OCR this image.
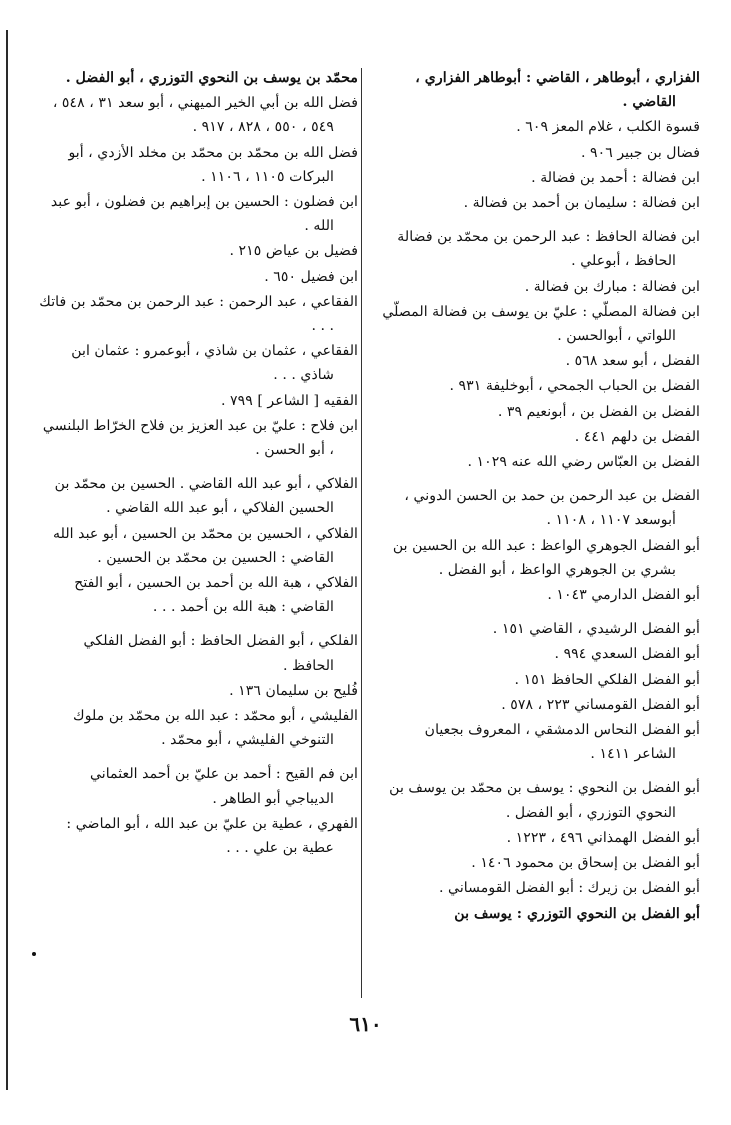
الفزاري ، أبوطاهر ، القاضي : أبوطاهر الفزاري ، القاضي .

قسوة الكلب ، غلام المعز ٦٠٩ .

فضال بن جبير ٩٠٦ .

ابن فضالة : أحمد بن فضالة .

ابن فضالة : سليمان بن أحمد بن فضالة .

ابن فضالة الحافظ : عبد الرحمن بن محمّد بن فضالة الحافظ ، أبوعلي .

ابن فضالة : مبارك بن فضالة .

ابن فضالة المصلّي : عليّ بن يوسف بن فضالة المصلّي اللواتي ، أبوالحسن .

الفضل ، أبو سعد ٥٦٨ .

الفضل بن الحباب الجمحي ، أبوخليفة ٩٣١ .

الفضل بن الفضل بن ، أبونعيم ٣٩ .

الفضل بن دلهم ٤٤١ .

الفضل بن العبّاس رضي الله عنه ١٠٢٩ .

الفضل بن عبد الرحمن بن حمد بن الحسن الدوني ، أبوسعد ١١٠٧ ، ١١٠٨ .

أبو الفضل الجوهري الواعظ : عبد الله بن الحسين بن بشري بن الجوهري الواعظ ، أبو الفضل .

أبو الفضل الدارمي ١٠٤٣ .

أبو الفضل الرشيدي ، القاضي ١٥١ .

أبو الفضل السعدي ٩٩٤ .

أبو الفضل الفلكي الحافظ ١٥١ .

أبو الفضل القومساني ٢٢٣ ، ٥٧٨ .

أبو الفضل النحاس الدمشقي ، المعروف بجعيان الشاعر ١٤١١ .

أبو الفضل بن النحوي : يوسف بن محمّد بن يوسف بن النحوي التوزري ، أبو الفضل .

أبو الفضل الهمذاني ٤٩٦ ، ١٢٢٣ .

أبو الفضل بن إسحاق بن محمود ١٤٠٦ .

أبو الفضل بن زيرك : أبو الفضل القومساني .

أبو الفضل بن النحوي التوزري : يوسف بن

محمّد بن يوسف بن النحوي التوزري ، أبو الفضل .

فضل الله بن أبي الخير الميهني ، أبو سعد ٣١ ، ٥٤٨ ، ٥٤٩ ، ٥٥٠ ، ٨٢٨ ، ٩١٧ .

فضل الله بن محمّد بن محمّد بن مخلد الأزدي ، أبو البركات ١١٠٥ ، ١١٠٦ .

ابن فضلون : الحسين بن إبراهيم بن فضلون ، أبو عبد الله .

فضيل بن عياض ٢١٥ .

ابن فضيل ٦٥٠ .

الفقاعي ، عبد الرحمن : عبد الرحمن بن محمّد بن فاتك . . .

الفقاعي ، عثمان بن شاذي ، أبوعمرو : عثمان ابن شاذي . . .

الفقيه [ الشاعر ] ٧٩٩ .

ابن فلاح : عليّ بن عبد العزيز بن فلاح الخرّاط البلنسي ، أبو الحسن .

الفلاكي ، أبو عبد الله القاضي . الحسين بن محمّد بن الحسين الفلاكي ، أبو عبد الله القاضي .

الفلاكي ، الحسين بن محمّد بن الحسين ، أبو عبد الله القاضي : الحسين بن محمّد بن الحسين .

الفلاكي ، هبة الله بن أحمد بن الحسين ، أبو الفتح القاضي : هبة الله بن أحمد . . .

الفلكي ، أبو الفضل الحافظ : أبو الفضل الفلكي الحافظ .

فُليح بن سليمان ١٣٦ .

الفليشي ، أبو محمّد : عبد الله بن محمّد بن ملوك التنوخي الفليشي ، أبو محمّد .

ابن فم القيح : أحمد بن عليّ بن أحمد العثماني الديباجي أبو الطاهر .

الفهري ، عطية بن عليّ بن عبد الله ، أبو الماضي : عطية بن علي . . .

٦١٠
